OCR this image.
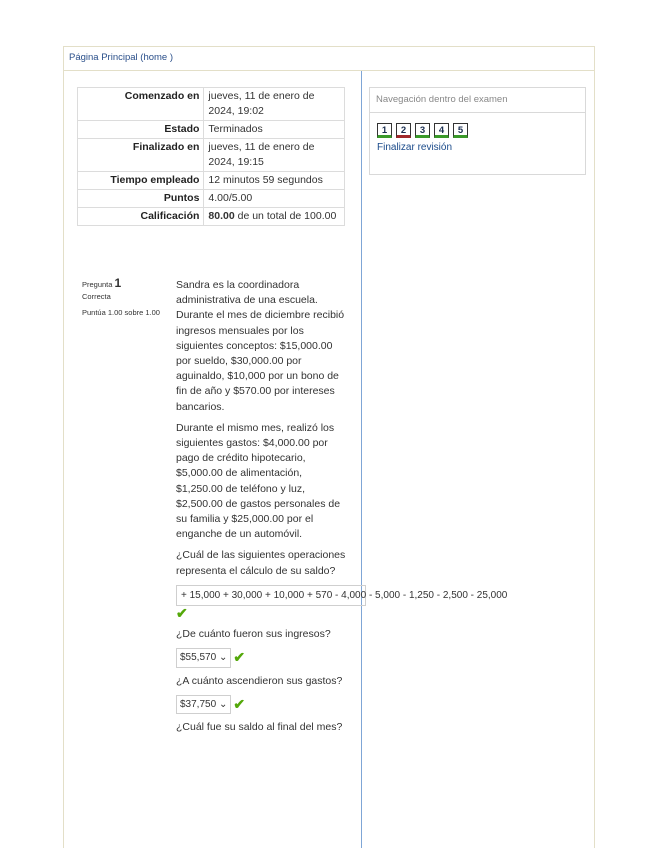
Página Principal (home )
Comenzado en	jueves, 11 de enero de 2024, 19:02
Estado	Terminados
Finalizado en	jueves, 11 de enero de 2024, 19:15
Tiempo empleado	12 minutos 59 segundos
Puntos	4.00/5.00
Calificación	80.00 de un total de 100.00
Pregunta 1
Correcta
Puntúa 1.00 sobre 1.00

Sandra es la coordinadora administrativa de una escuela. Durante el mes de diciembre recibió ingresos mensuales por los siguientes conceptos: $15,000.00 por sueldo, $30,000.00 por aguinaldo, $10,000 por un bono de fin de año y $570.00 por intereses bancarios.

Durante el mismo mes, realizó los siguientes gastos: $4,000.00 por pago de crédito hipotecario, $5,000.00 de alimentación, $1,250.00 de teléfono y luz, $2,500.00 de gastos personales de su familia y $25,000.00 por el enganche de un automóvil.

¿Cuál de las siguientes operaciones representa el cálculo de su saldo?

+ 15,000 + 30,000 + 10,000 + 570 - 4,000 - 5,000 - 1,250 - 2,500 - 25,000
✔

¿De cuánto fueron sus ingresos?

$55,570 ⌄ ✔

¿A cuánto ascendieron sus gastos?

$37,750 ⌄ ✔

¿Cuál fue su saldo al final del mes?

Navegación dentro del examen
1	2	3	4	5
Finalizar revisión
